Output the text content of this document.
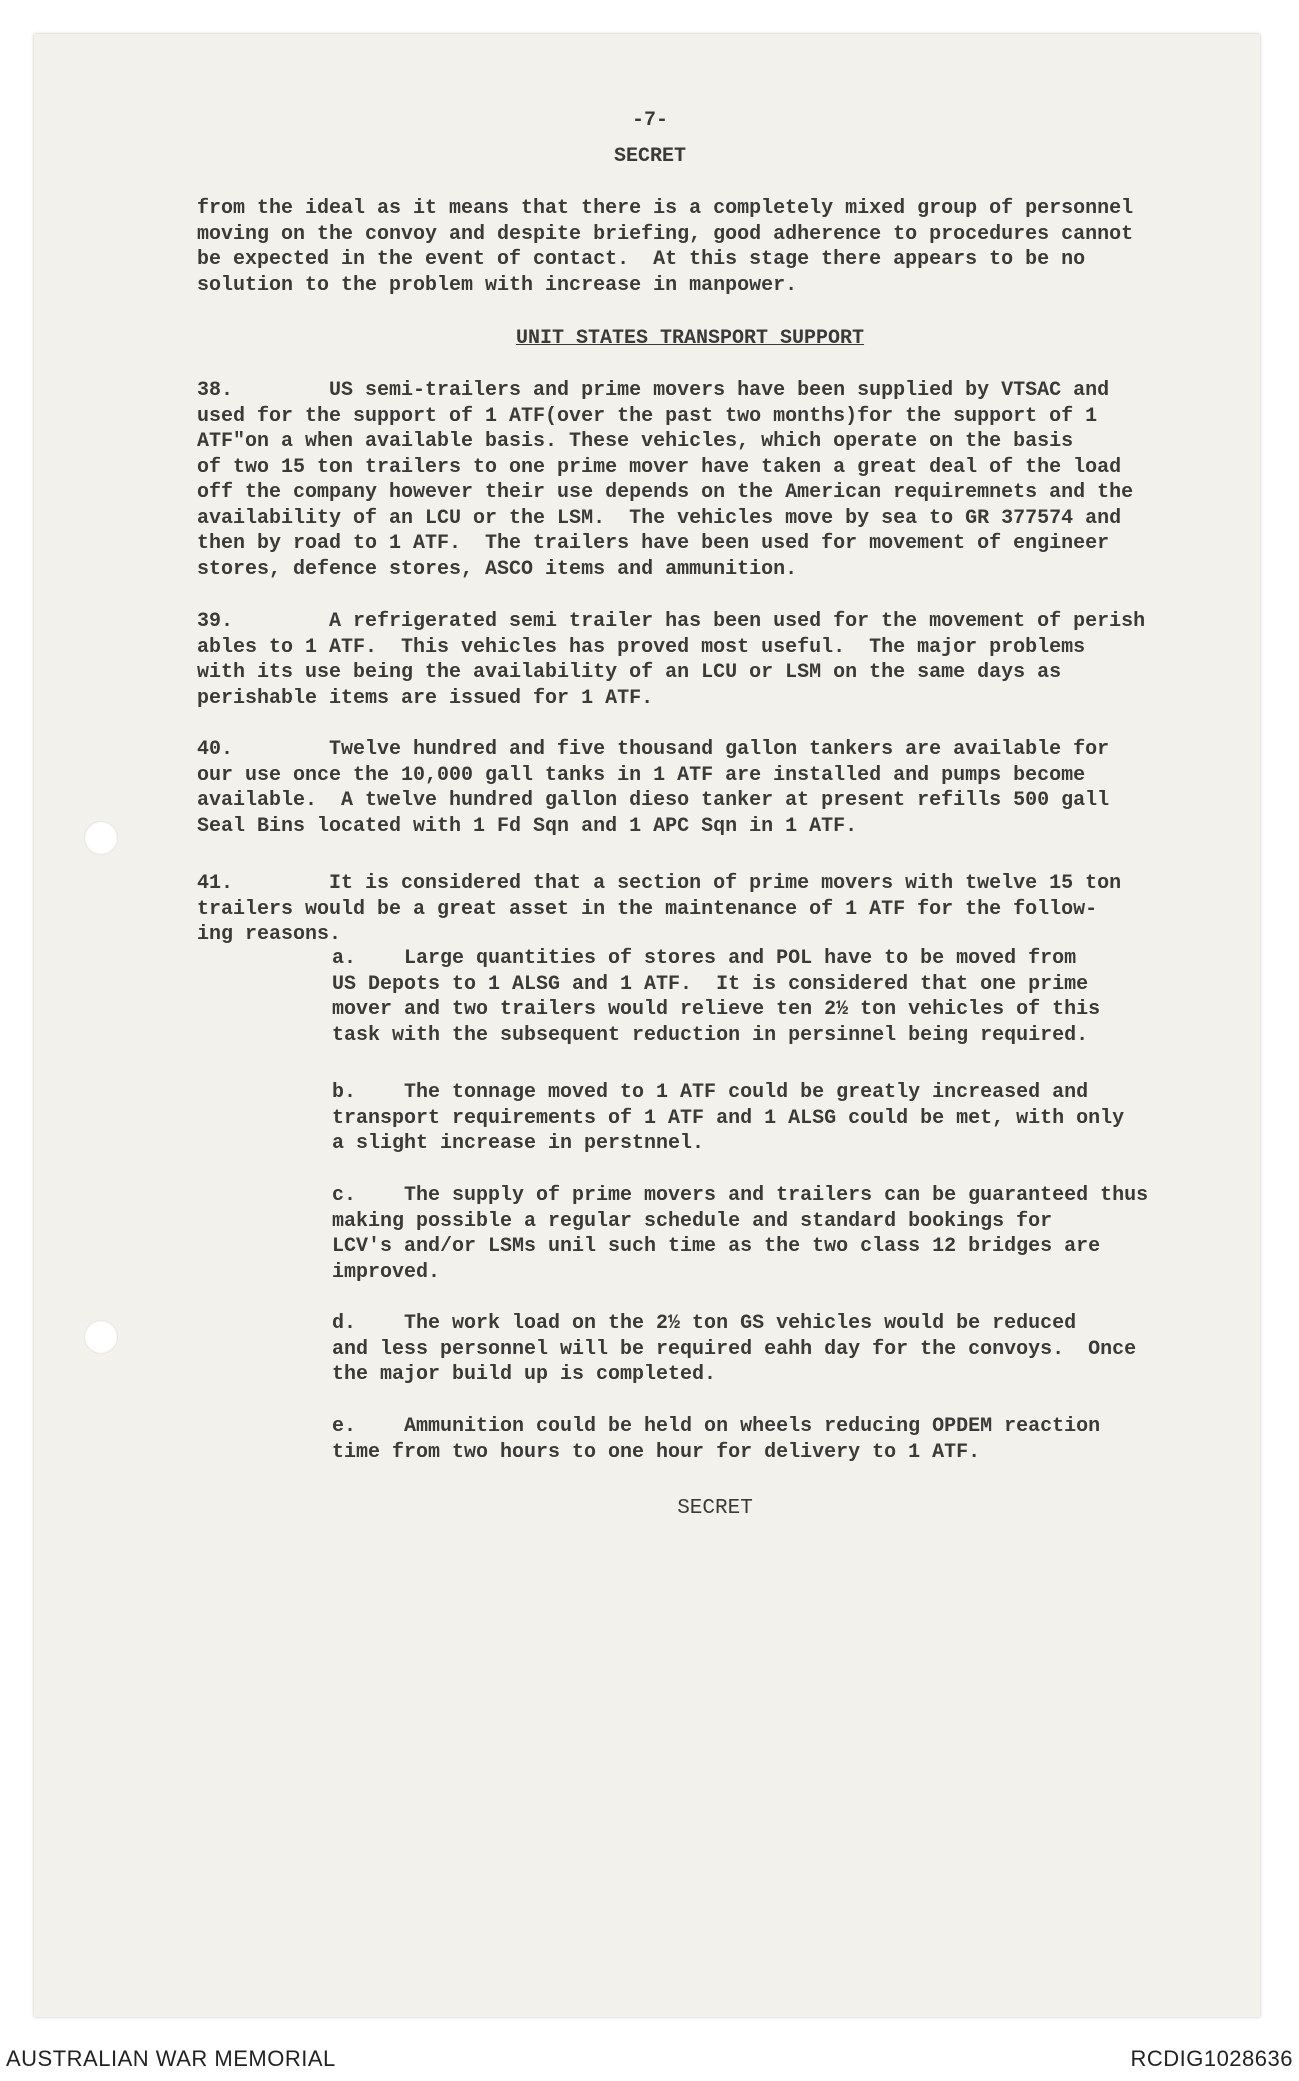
-7-
SECRET
from the ideal as it means that there is a completely mixed group of personnel
moving on the convoy and despite briefing, good adherence to procedures cannot
be expected in the event of contact.  At this stage there appears to be no
solution to the problem with increase in manpower.
UNIT STATES TRANSPORT SUPPORT
38.        US semi-trailers and prime movers have been supplied by VTSAC and
used for the support of 1 ATF(over the past two months)for the support of 1
ATF"on a when available basis. These vehicles, which operate on the basis
of two 15 ton trailers to one prime mover have taken a great deal of the load
off the company however their use depends on the American requiremnets and the
availability of an LCU or the LSM.  The vehicles move by sea to GR 377574 and
then by road to 1 ATF.  The trailers have been used for movement of engineer
stores, defence stores, ASCO items and ammunition.
39.        A refrigerated semi trailer has been used for the movement of perish
ables to 1 ATF.  This vehicles has proved most useful.  The major problems
with its use being the availability of an LCU or LSM on the same days as
perishable items are issued for 1 ATF.
40.        Twelve hundred and five thousand gallon tankers are available for
our use once the 10,000 gall tanks in 1 ATF are installed and pumps become
available.  A twelve hundred gallon dieso tanker at present refills 500 gall
Seal Bins located with 1 Fd Sqn and 1 APC Sqn in 1 ATF.
41.        It is considered that a section of prime movers with twelve 15 ton
trailers would be a great asset in the maintenance of 1 ATF for the follow-
ing reasons.
a.    Large quantities of stores and POL have to be moved from
US Depots to 1 ALSG and 1 ATF.  It is considered that one prime
mover and two trailers would relieve ten 2½ ton vehicles of this
task with the subsequent reduction in persinnel being required.
b.    The tonnage moved to 1 ATF could be greatly increased and
transport requirements of 1 ATF and 1 ALSG could be met, with only
a slight increase in perstnnel.
c.    The supply of prime movers and trailers can be guaranteed thus
making possible a regular schedule and standard bookings for
LCV's and/or LSMs unil such time as the two class 12 bridges are
improved.
d.    The work load on the 2½ ton GS vehicles would be reduced
and less personnel will be required eahh day for the convoys.  Once
the major build up is completed.
e.    Ammunition could be held on wheels reducing OPDEM reaction
time from two hours to one hour for delivery to 1 ATF.
SECRET
AUSTRALIAN WAR MEMORIAL	RCDIG1028636
